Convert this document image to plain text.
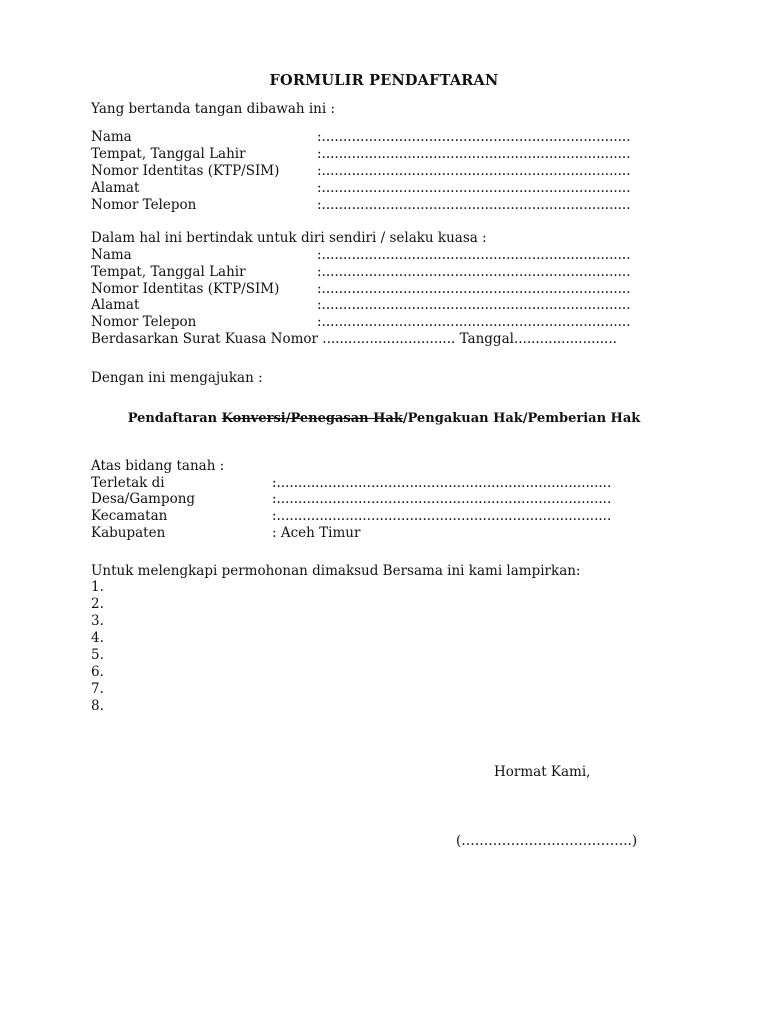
FORMULIR PENDAFTARAN
Yang bertanda tangan dibawah ini :
Nama	:........................................................................
Tempat, Tanggal Lahir	:........................................................................
Nomor Identitas (KTP/SIM)	:........................................................................
Alamat	:........................................................................
Nomor Telepon	:........................................................................
Dalam hal ini bertindak untuk diri sendiri / selaku kuasa :
Nama	:........................................................................
Tempat, Tanggal Lahir	:........................................................................
Nomor Identitas (KTP/SIM)	:........................................................................
Alamat	:........................................................................
Nomor Telepon	:........................................................................
Berdasarkan Surat Kuasa Nomor ............................... Tanggal........................
Dengan ini mengajukan :
Pendaftaran Konversi/Penegasan Hak/Pengakuan Hak/Pemberian Hak
Atas bidang tanah :
Terletak di	:..............................................................................
Desa/Gampong	:..............................................................................
Kecamatan	:..............................................................................
Kabupaten	: Aceh Timur
Untuk melengkapi permohonan dimaksud Bersama ini kami lampirkan:
1.
2.
3.
4.
5.
6.
7.
8.
Hormat Kami,
(………………………………..)
